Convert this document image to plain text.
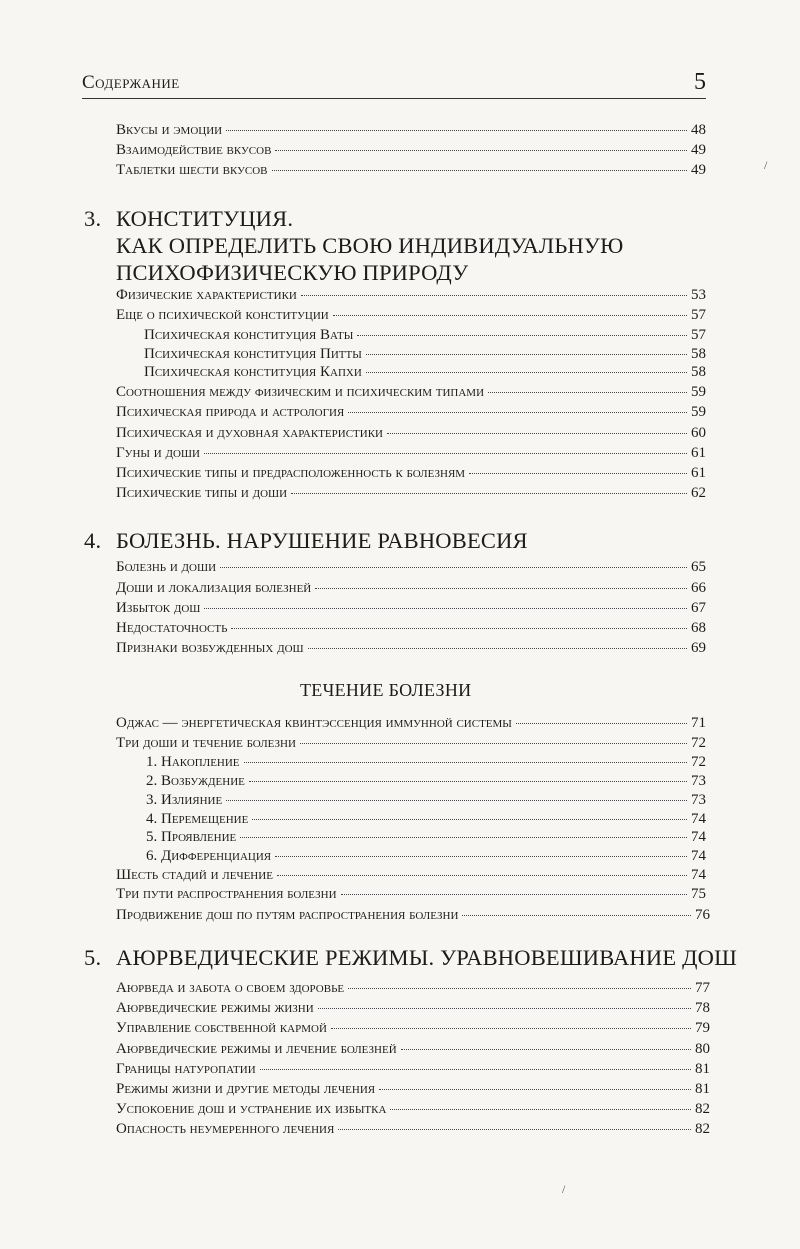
Содержание	5
Вкусы и эмоции	48
Взаимодействие вкусов	49
Таблетки шести вкусов	49
3. КОНСТИТУЦИЯ.
КАК ОПРЕДЕЛИТЬ СВОЮ ИНДИВИДУАЛЬНУЮ
ПСИХОФИЗИЧЕСКУЮ ПРИРОДУ
Физические характеристики	53
Еще о психической конституции	57
Психическая конституция Ваты	57
Психическая конституция Питты	58
Психическая конституция Капхи	58
Соотношения между физическим и психическим типами	59
Психическая природа и астрология	59
Психическая и духовная характеристики	60
Гуны и доши	61
Психические типы и предрасположенность к болезням	61
Психические типы и доши	62
4. БОЛЕЗНЬ. НАРУШЕНИЕ РАВНОВЕСИЯ
Болезнь и доши	65
Доши и локализация болезней	66
Избыток дош	67
Недостаточность	68
Признаки возбужденных дош	69
ТЕЧЕНИЕ БОЛЕЗНИ
Оджас — энергетическая квинтэссенция иммунной системы	71
Три доши и течение болезни	72
1. Накопление	72
2. Возбуждение	73
3. Излияние	73
4. Перемещение	74
5. Проявление	74
6. Дифференциация	74
Шесть стадий и лечение	74
Три пути распространения болезни	75
Продвижение дош по путям распространения болезни	76
5. АЮРВЕДИЧЕСКИЕ РЕЖИМЫ. УРАВНОВЕШИВАНИЕ ДОШ
Аюрведа и забота о своем здоровье	77
Аюрведические режимы жизни	78
Управление собственной кармой	79
Аюрведические режимы и лечение болезней	80
Границы натуропатии	81
Режимы жизни и другие методы лечения	81
Успокоение дош и устранение их избытка	82
Опасность неумеренного лечения	82
/
/
